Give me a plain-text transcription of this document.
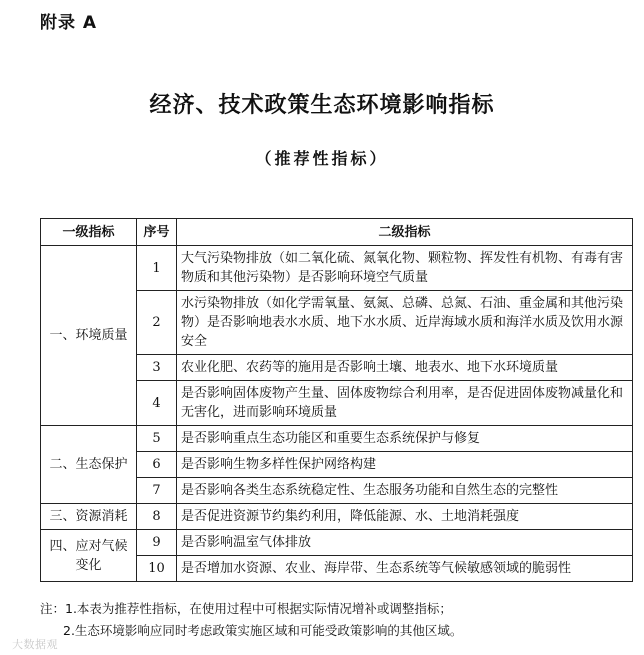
附录 A
经济、技术政策生态环境影响指标
（推荐性指标）
一级指标	序号	二级指标
一、环境质量	1	大气污染物排放（如二氧化硫、氮氧化物、颗粒物、挥发性有机物、有毒有害物质和其他污染物）是否影响环境空气质量
	2	水污染物排放（如化学需氧量、氨氮、总磷、总氮、石油、重金属和其他污染物）是否影响地表水水质、地下水水质、近岸海域水质和海洋水质及饮用水源安全
	3	农业化肥、农药等的施用是否影响土壤、地表水、地下水环境质量
	4	是否影响固体废物产生量、固体废物综合利用率，是否促进固体废物减量化和无害化，进而影响环境质量
二、生态保护	5	是否影响重点生态功能区和重要生态系统保护与修复
	6	是否影响生物多样性保护网络构建
	7	是否影响各类生态系统稳定性、生态服务功能和自然生态的完整性
三、资源消耗	8	是否促进资源节约集约利用，降低能源、水、土地消耗强度
四、应对气候变化	9	是否影响温室气体排放
	10	是否增加水资源、农业、海岸带、生态系统等气候敏感领域的脆弱性
注：1.本表为推荐性指标，在使用过程中可根据实际情况增补或调整指标；
2.生态环境影响应同时考虑政策实施区域和可能受政策影响的其他区域。
大数据观
